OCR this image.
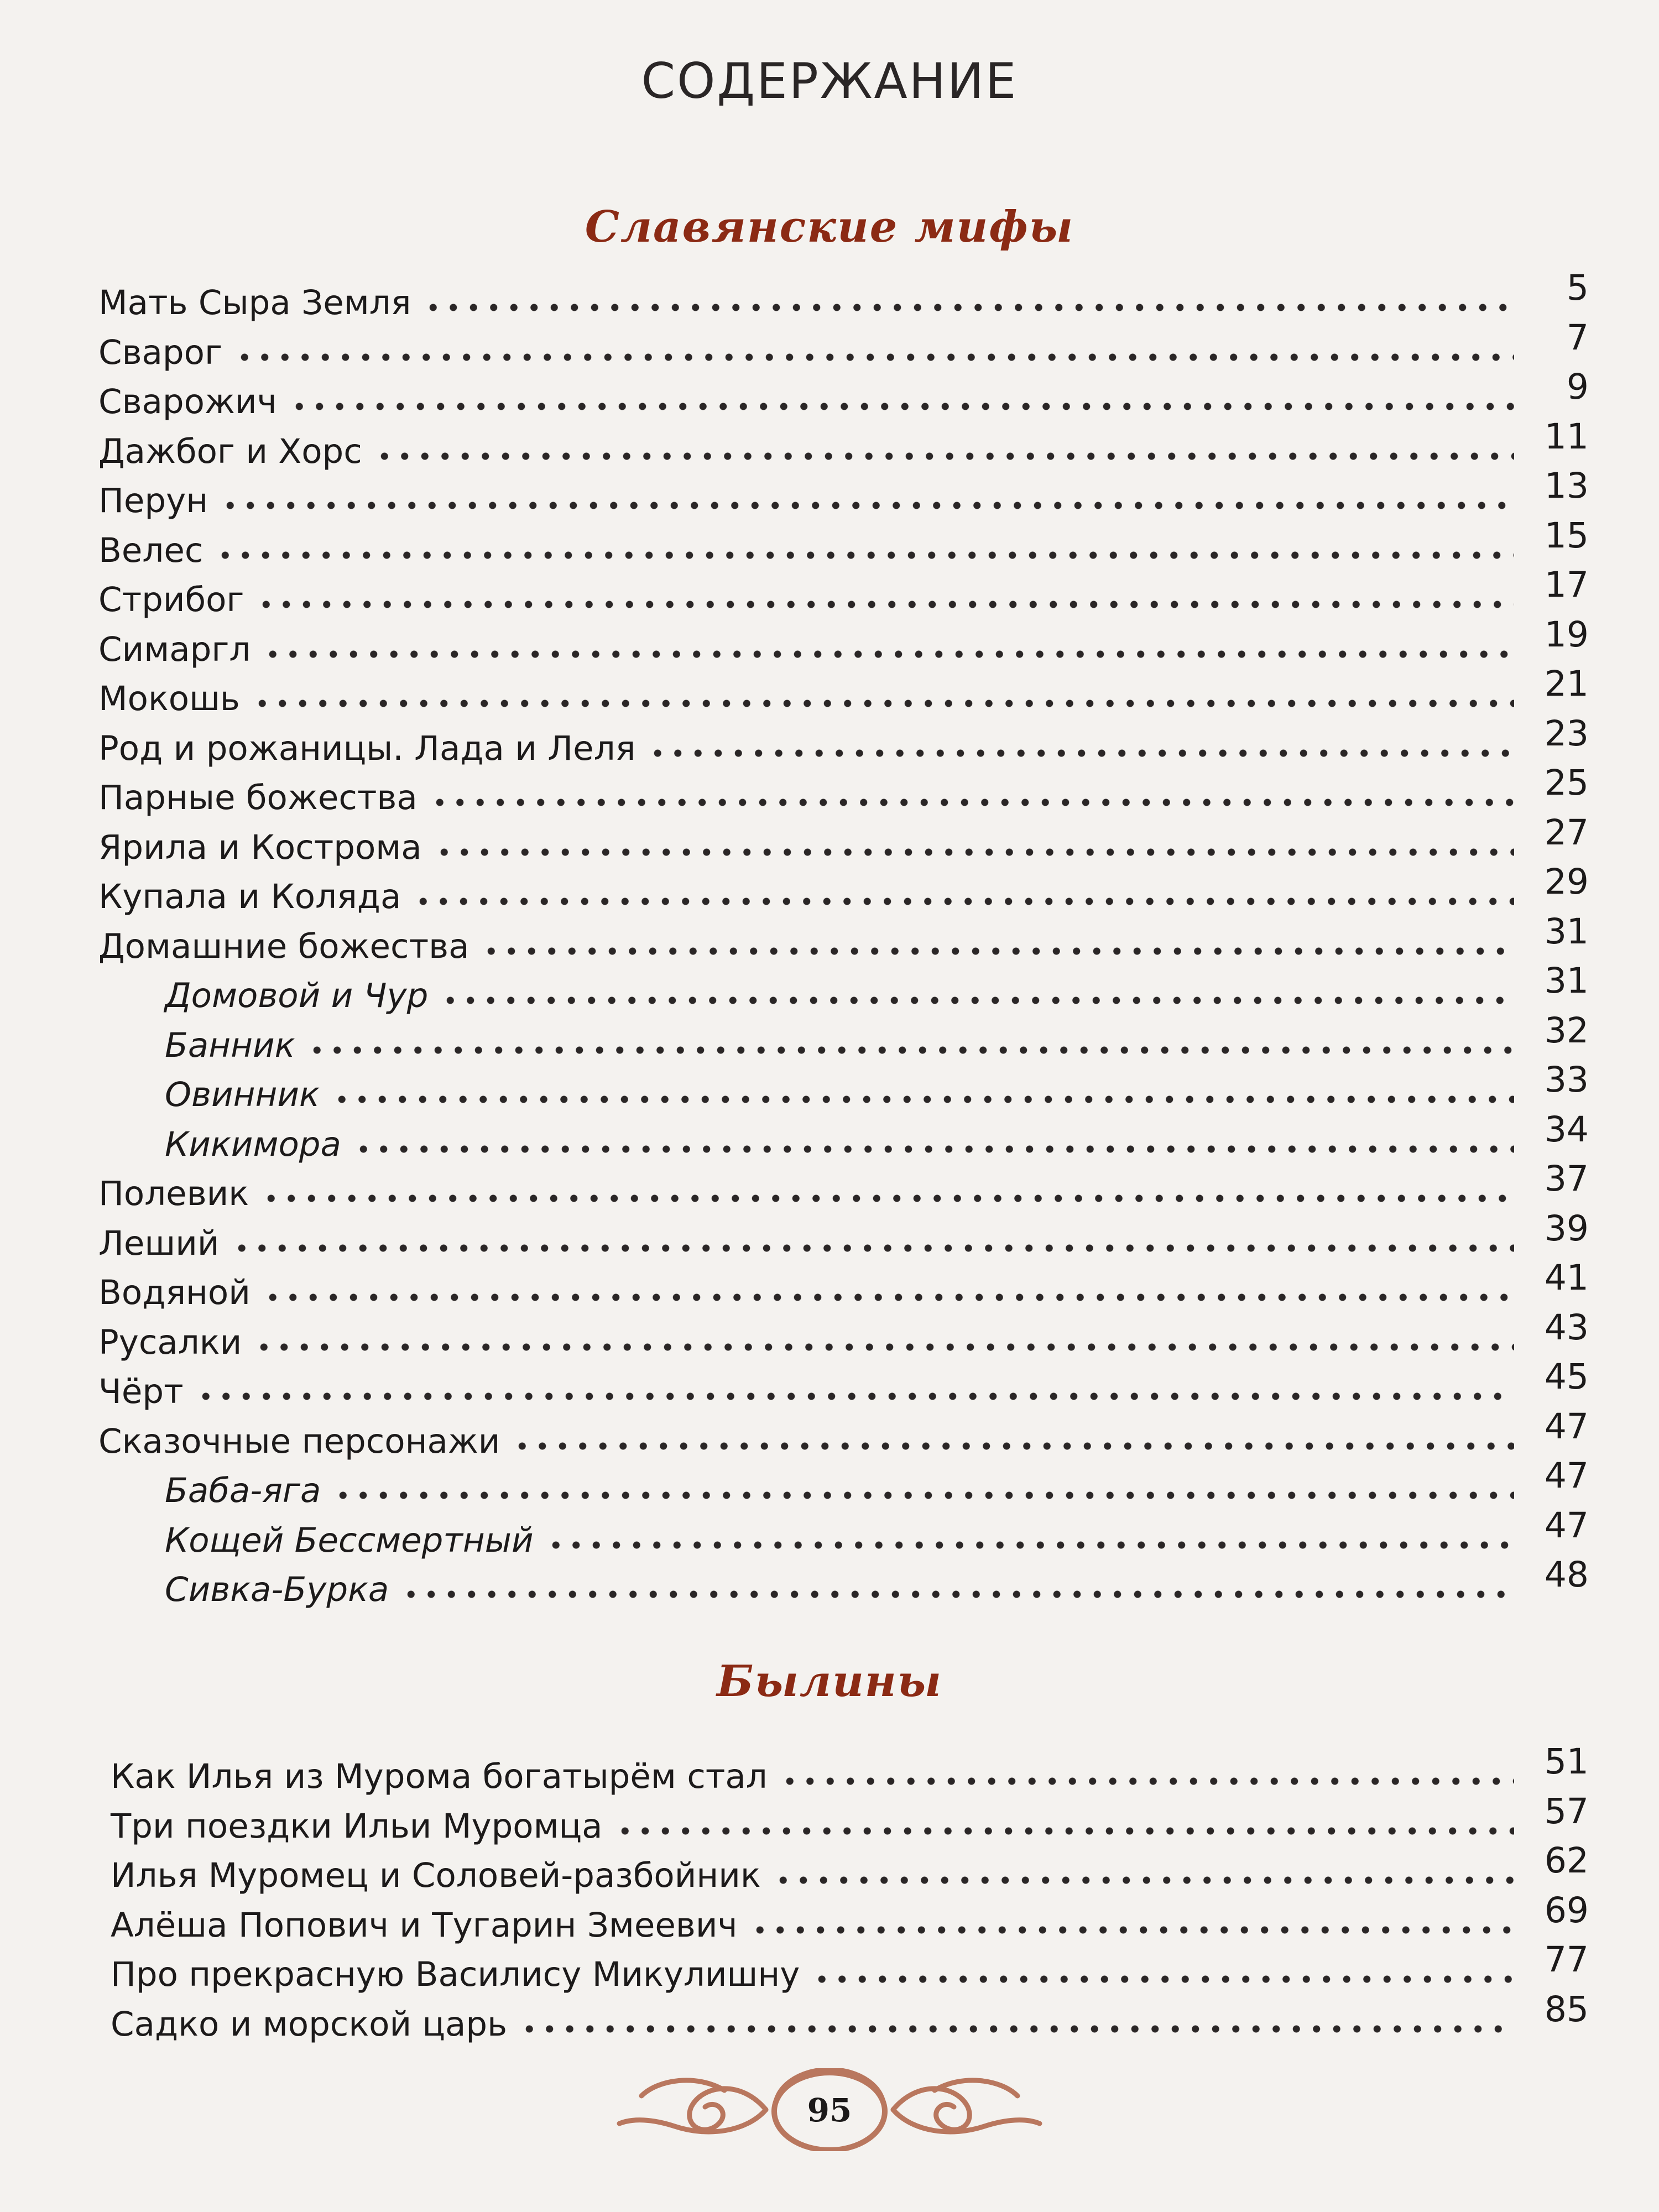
СОДЕРЖАНИЕ
Славянские мифы
Мать Сыра Земля	5
Сварог	7
Сварожич	9
Дажбог и Хорс	11
Перун	13
Велес	15
Стрибог	17
Симаргл	19
Мокошь	21
Род и рожаницы. Лада и Леля	23
Парные божества	25
Ярила и Кострома	27
Купала и Коляда	29
Домашние божества	31
Домовой и Чур	31
Банник	32
Овинник	33
Кикимора	34
Полевик	37
Леший	39
Водяной	41
Русалки	43
Чёрт	45
Сказочные персонажи	47
Баба-яга	47
Кощей Бессмертный	47
Сивка-Бурка	48
Былины
Как Илья из Мурома богатырём стал	51
Три поездки Ильи Муромца	57
Илья Муромец и Соловей-разбойник	62
Алёша Попович и Тугарин Змеевич	69
Про прекрасную Василису Микулишну	77
Садко и морской царь	85
95
